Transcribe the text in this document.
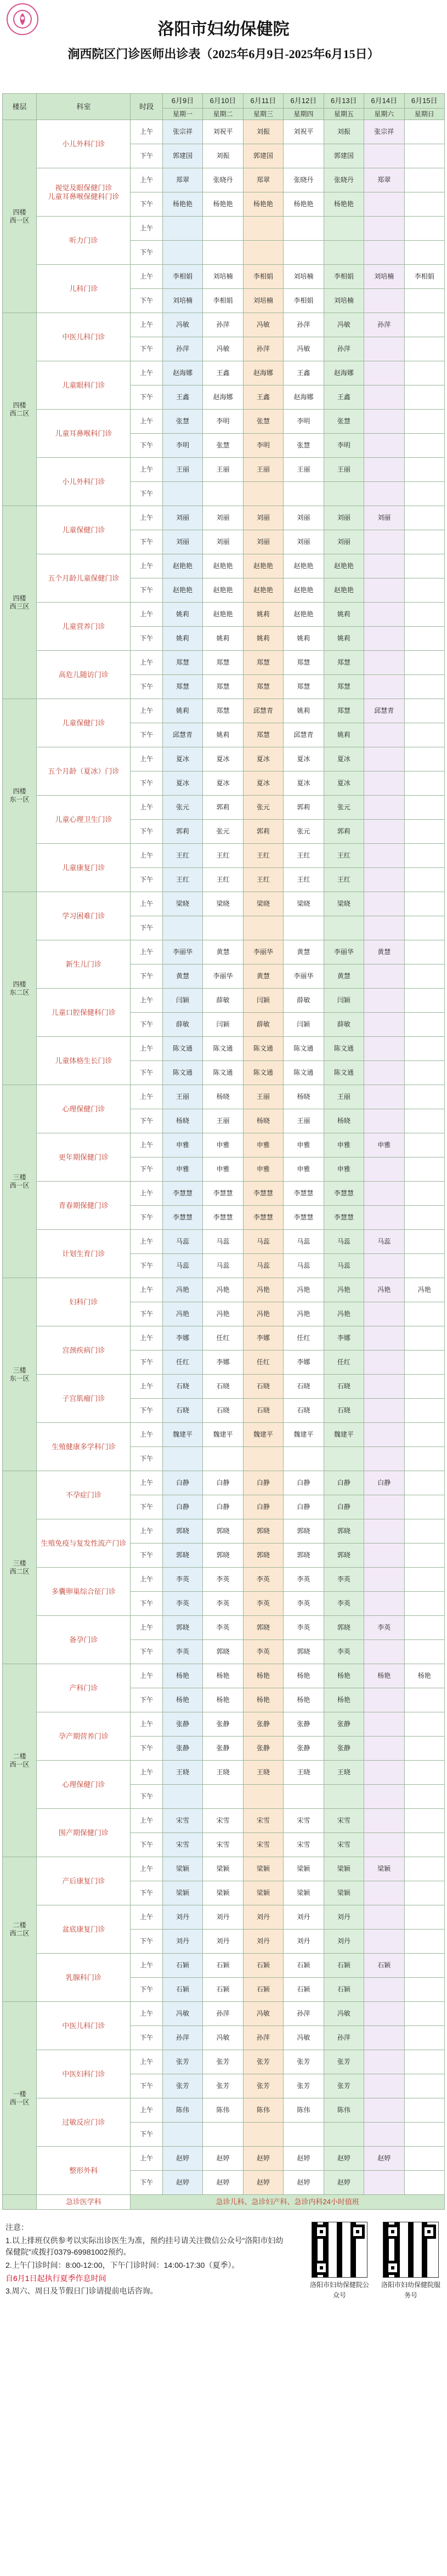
洛阳市妇幼保健院
涧西院区门诊医师出诊表（2025年6月9日-2025年6月15日）
楼层	科室	时段	6月9日	6月10日	6月11日	6月12日	6月13日	6月14日	6月15日
			星期一	星期二	星期三	星期四	星期五	星期六	星期日
四楼
西一区	小儿外科门诊	上午	张宗祥	刘祝平	刘振	刘祝平	刘振	张宗祥	
		下午	郭建国	刘振	郭建国		郭建国		
	视觉及眼保健门诊
儿童耳鼻喉保健科门诊	上午	郑翠	张晓丹	郑翠	张晓丹	张晓丹	郑翠	
		下午	杨艳艳	杨艳艳	杨艳艳	杨艳艳	杨艳艳		
	听力门诊	上午							
		下午							
	儿科门诊	上午	李相娟	刘培楠	李相娟	刘培楠	李相娟	刘培楠	李相娟
		下午	刘培楠	李相娟	刘培楠	李相娟	刘培楠		
四楼
西二区	中医儿科门诊	上午	冯敏	孙萍	冯敏	孙萍	冯敏	孙萍	
		下午	孙萍	冯敏	孙萍	冯敏	孙萍		
	儿童眼科门诊	上午	赵海娜	王鑫	赵海娜	王鑫	赵海娜		
		下午	王鑫	赵海娜	王鑫	赵海娜	王鑫		
	儿童耳鼻喉科门诊	上午	张慧	李明	张慧	李明	张慧		
		下午	李明	张慧	李明	张慧	李明		
	小儿外科门诊	上午	王丽	王丽	王丽	王丽	王丽		
		下午							
四楼
西三区	儿童保健门诊	上午	刘丽	刘丽	刘丽	刘丽	刘丽	刘丽	
		下午	刘丽	刘丽	刘丽	刘丽	刘丽		
	五个月龄儿童保健门诊	上午	赵艳艳	赵艳艳	赵艳艳	赵艳艳	赵艳艳		
		下午	赵艳艳	赵艳艳	赵艳艳	赵艳艳	赵艳艳		
	儿童营养门诊	上午	姚莉	赵艳艳	姚莉	赵艳艳	姚莉		
		下午	姚莉	姚莉	姚莉	姚莉	姚莉		
	高危儿随访门诊	上午	郑慧	郑慧	郑慧	郑慧	郑慧		
		下午	郑慧	郑慧	郑慧	郑慧	郑慧		
四楼
东一区	儿童保健门诊	上午	姚莉	郑慧	邱慧青	姚莉	郑慧	邱慧青	
		下午	邱慧青	姚莉	郑慧	邱慧青	姚莉		
	五个月龄（夏冰）门诊	上午	夏冰	夏冰	夏冰	夏冰	夏冰		
		下午	夏冰	夏冰	夏冰	夏冰	夏冰		
	儿童心理卫生门诊	上午	张元	郭莉	张元	郭莉	张元		
		下午	郭莉	张元	郭莉	张元	郭莉		
	儿童康复门诊	上午	王红	王红	王红	王红	王红		
		下午	王红	王红	王红	王红	王红		
四楼
东二区	学习困难门诊	上午	梁晓	梁晓	梁晓	梁晓	梁晓		
		下午							
	新生儿门诊	上午	李丽华	黄慧	李丽华	黄慧	李丽华	黄慧	
		下午	黄慧	李丽华	黄慧	李丽华	黄慧		
	儿童口腔保健科门诊	上午	闫颖	薛敏	闫颖	薛敏	闫颖		
		下午	薛敏	闫颖	薛敏	闫颖	薛敏		
	儿童体格生长门诊	上午	陈文通	陈文通	陈文通	陈文通	陈文通		
		下午	陈文通	陈文通	陈文通	陈文通	陈文通		
三楼
西一区	心理保健门诊	上午	王丽	杨晓	王丽	杨晓	王丽		
		下午	杨晓	王丽	杨晓	王丽	杨晓		
	更年期保健门诊	上午	申雅	申雅	申雅	申雅	申雅	申雅	
		下午	申雅	申雅	申雅	申雅	申雅		
	青春期保健门诊	上午	李慧慧	李慧慧	李慧慧	李慧慧	李慧慧		
		下午	李慧慧	李慧慧	李慧慧	李慧慧	李慧慧		
	计划生育门诊	上午	马蕊	马蕊	马蕊	马蕊	马蕊	马蕊	
		下午	马蕊	马蕊	马蕊	马蕊	马蕊		
三楼
东一区	妇科门诊	上午	冯艳	冯艳	冯艳	冯艳	冯艳	冯艳	冯艳
		下午	冯艳	冯艳	冯艳	冯艳	冯艳		
	宫颈疾病门诊	上午	李娜	任红	李娜	任红	李娜		
		下午	任红	李娜	任红	李娜	任红		
	子宫肌瘤门诊	上午	石晓	石晓	石晓	石晓	石晓		
		下午	石晓	石晓	石晓	石晓	石晓		
	生殖健康多学科门诊	上午	魏建平	魏建平	魏建平	魏建平	魏建平		
		下午							
三楼
西二区	不孕症门诊	上午	白静	白静	白静	白静	白静	白静	
		下午	白静	白静	白静	白静	白静		
	生殖免疫与复发性流产门诊	上午	郭晓	郭晓	郭晓	郭晓	郭晓		
		下午	郭晓	郭晓	郭晓	郭晓	郭晓		
	多囊卵巢综合征门诊	上午	李英	李英	李英	李英	李英		
		下午	李英	李英	李英	李英	李英		
	备孕门诊	上午	郭晓	李英	郭晓	李英	郭晓	李英	
		下午	李英	郭晓	李英	郭晓	李英		
二楼
西一区	产科门诊	上午	杨艳	杨艳	杨艳	杨艳	杨艳	杨艳	杨艳
		下午	杨艳	杨艳	杨艳	杨艳	杨艳		
	孕产期营养门诊	上午	张静	张静	张静	张静	张静		
		下午	张静	张静	张静	张静	张静		
	心理保健门诊	上午	王晓	王晓	王晓	王晓	王晓		
		下午							
	围产期保健门诊	上午	宋雪	宋雪	宋雪	宋雪	宋雪		
		下午	宋雪	宋雪	宋雪	宋雪	宋雪		
二楼
西二区	产后康复门诊	上午	梁颖	梁颖	梁颖	梁颖	梁颖	梁颖	
		下午	梁颖	梁颖	梁颖	梁颖	梁颖		
	盆底康复门诊	上午	刘丹	刘丹	刘丹	刘丹	刘丹		
		下午	刘丹	刘丹	刘丹	刘丹	刘丹		
	乳腺科门诊	上午	石颖	石颖	石颖	石颖	石颖	石颖	
		下午	石颖	石颖	石颖	石颖	石颖		
一楼
西一区	中医儿科门诊	上午	冯敏	孙萍	冯敏	孙萍	冯敏		
		下午	孙萍	冯敏	孙萍	冯敏	孙萍		
	中医妇科门诊	上午	张芳	张芳	张芳	张芳	张芳		
		下午	张芳	张芳	张芳	张芳	张芳		
	过敏反应门诊	上午	陈伟	陈伟	陈伟	陈伟	陈伟		
		下午							
	整形外科	上午	赵婷	赵婷	赵婷	赵婷	赵婷	赵婷	
		下午	赵婷	赵婷	赵婷	赵婷	赵婷		
	急诊医学科	急诊儿科、急诊妇产科、急诊内科24小时值班							

注意：

1.以上排班仅供参考以实际出诊医生为准，预约挂号请关注微信公众号“洛阳市妇幼保健院”或拨打0379-69981002预约。

2.上午门诊时间：8:00-12:00，下午门诊时间：14:00-17:30（夏季）。

自6月1日起执行夏季作息时间

3.周六、周日及节假日门诊请提前电话咨询。

洛阳市妇幼保健院公众号
洛阳市妇幼保健院服务号
